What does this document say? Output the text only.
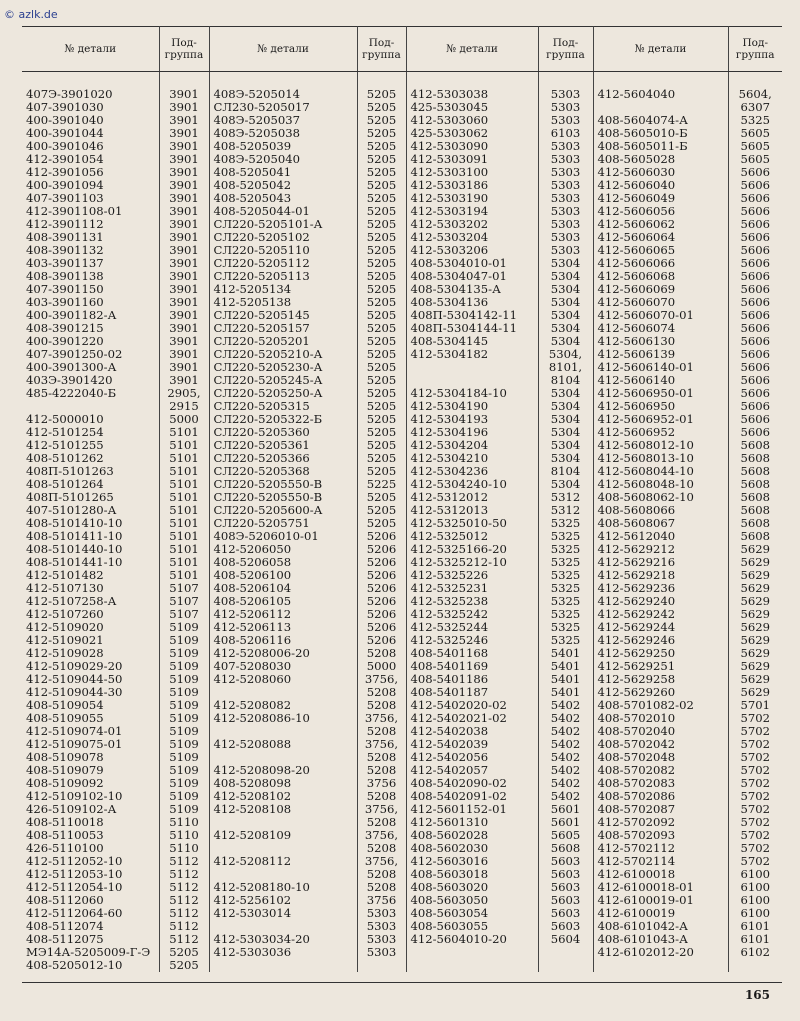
© azlk.de
№ детали	Под-
группа	№ детали	Под-
группа	№ детали	Под-
группа	№ детали	Под-
группа
407Э-3901020	3901	408Э-5205014	5205	412-5303038	5303	412-5604040	5604,
407-3901030	3901	СЛ230-5205017	5205	425-5303045	5303		6307
400-3901040	3901	408Э-5205037	5205	412-5303060	5303	408-5604074-А	5325
400-3901044	3901	408Э-5205038	5205	425-5303062	6103	408-5605010-Б	5605
400-3901046	3901	408-5205039	5205	412-5303090	5303	408-5605011-Б	5605
412-3901054	3901	408Э-5205040	5205	412-5303091	5303	408-5605028	5605
412-3901056	3901	408-5205041	5205	412-5303100	5303	412-5606030	5606
400-3901094	3901	408-5205042	5205	412-5303186	5303	412-5606040	5606
407-3901103	3901	408-5205043	5205	412-5303190	5303	412-5606049	5606
412-3901108-01	3901	408-5205044-01	5205	412-5303194	5303	412-5606056	5606
412-3901112	3901	СЛ220-5205101-А	5205	412-5303202	5303	412-5606062	5606
408-3901131	3901	СЛ220-5205102	5205	412-5303204	5303	412-5606064	5606
408-3901132	3901	СЛ220-5205110	5205	412-5303206	5303	412-5606065	5606
403-3901137	3901	СЛ220-5205112	5205	408-5304010-01	5304	412-5606066	5606
408-3901138	3901	СЛ220-5205113	5205	408-5304047-01	5304	412-5606068	5606
407-3901150	3901	412-5205134	5205	408-5304135-А	5304	412-5606069	5606
403-3901160	3901	412-5205138	5205	408-5304136	5304	412-5606070	5606
400-3901182-А	3901	СЛ220-5205145	5205	408П-5304142-11	5304	412-5606070-01	5606
408-3901215	3901	СЛ220-5205157	5205	408П-5304144-11	5304	412-5606074	5606
400-3901220	3901	СЛ220-5205201	5205	408-5304145	5304	412-5606130	5606
407-3901250-02	3901	СЛ220-5205210-А	5205	412-5304182	5304,	412-5606139	5606
400-3901300-А	3901	СЛ220-5205230-А	5205		8101,	412-5606140-01	5606
403Э-3901420	3901	СЛ220-5205245-А	5205		8104	412-5606140	5606
485-4222040-Б	2905,	СЛ220-5205250-А	5205	412-5304184-10	5304	412-5606950-01	5606
	2915	СЛ220-5205315	5205	412-5304190	5304	412-5606950	5606
412-5000010	5000	СЛ220-5205322-Б	5205	412-5304193	5304	412-5606952-01	5606
412-5101254	5101	СЛ220-5205360	5205	412-5304196	5304	412-5606952	5606
412-5101255	5101	СЛ220-5205361	5205	412-5304204	5304	412-5608012-10	5608
408-5101262	5101	СЛ220-5205366	5205	412-5304210	5304	412-5608013-10	5608
408П-5101263	5101	СЛ220-5205368	5205	412-5304236	8104	412-5608044-10	5608
408-5101264	5101	СЛ220-5205550-В	5225	412-5304240-10	5304	412-5608048-10	5608
408П-5101265	5101	СЛ220-5205550-В	5205	412-5312012	5312	408-5608062-10	5608
407-5101280-А	5101	СЛ220-5205600-А	5205	412-5312013	5312	408-5608066	5608
408-5101410-10	5101	СЛ220-5205751	5205	412-5325010-50	5325	408-5608067	5608
408-5101411-10	5101	408Э-5206010-01	5206	412-5325012	5325	412-5612040	5608
408-5101440-10	5101	412-5206050	5206	412-5325166-20	5325	412-5629212	5629
408-5101441-10	5101	408-5206058	5206	412-5325212-10	5325	412-5629216	5629
412-5101482	5101	408-5206100	5206	412-5325226	5325	412-5629218	5629
412-5107130	5107	408-5206104	5206	412-5325231	5325	412-5629236	5629
412-5107258-А	5107	408-5206105	5206	412-5325238	5325	412-5629240	5629
412-5107260	5107	412-5206112	5206	412-5325242	5325	412-5629242	5629
412-5109020	5109	412-5206113	5206	412-5325244	5325	412-5629244	5629
412-5109021	5109	408-5206116	5206	412-5325246	5325	412-5629246	5629
412-5109028	5109	412-5208006-20	5208	408-5401168	5401	412-5629250	5629
412-5109029-20	5109	407-5208030	5000	408-5401169	5401	412-5629251	5629
412-5109044-50	5109	412-5208060	3756,	408-5401186	5401	412-5629258	5629
412-5109044-30	5109		5208	408-5401187	5401	412-5629260	5629
408-5109054	5109	412-5208082	5208	412-5402020-02	5402	408-5701082-02	5701
408-5109055	5109	412-5208086-10	3756,	412-5402021-02	5402	408-5702010	5702
412-5109074-01	5109		5208	412-5402038	5402	408-5702040	5702
412-5109075-01	5109	412-5208088	3756,	412-5402039	5402	408-5702042	5702
408-5109078	5109		5208	412-5402056	5402	408-5702048	5702
408-5109079	5109	412-5208098-20	5208	412-5402057	5402	408-5702082	5702
408-5109092	5109	408-5208098	3756	408-5402090-02	5402	408-5702083	5702
412-5109102-10	5109	412-5208102	5208	408-5402091-02	5402	408-5702086	5702
426-5109102-А	5109	412-5208108	3756,	412-5601152-01	5601	408-5702087	5702
408-5110018	5110		5208	412-5601310	5601	412-5702092	5702
408-5110053	5110	412-5208109	3756,	408-5602028	5605	408-5702093	5702
426-5110100	5110		5208	408-5602030	5608	412-5702112	5702
412-5112052-10	5112	412-5208112	3756,	412-5603016	5603	412-5702114	5702
412-5112053-10	5112		5208	408-5603018	5603	412-6100018	6100
412-5112054-10	5112	412-5208180-10	5208	408-5603020	5603	412-6100018-01	6100
408-5112060	5112	412-5256102	3756	408-5603050	5603	412-6100019-01	6100
412-5112064-60	5112	412-5303014	5303	408-5603054	5603	412-6100019	6100
408-5112074	5112		5303	408-5603055	5603	408-6101042-А	6101
408-5112075	5112	412-5303034-20	5303	412-5604010-20	5604	408-6101043-А	6101
МЭ14А-5205009-Г-Э	5205	412-5303036	5303			412-6102012-20	6102
408-5205012-10	5205						
165
